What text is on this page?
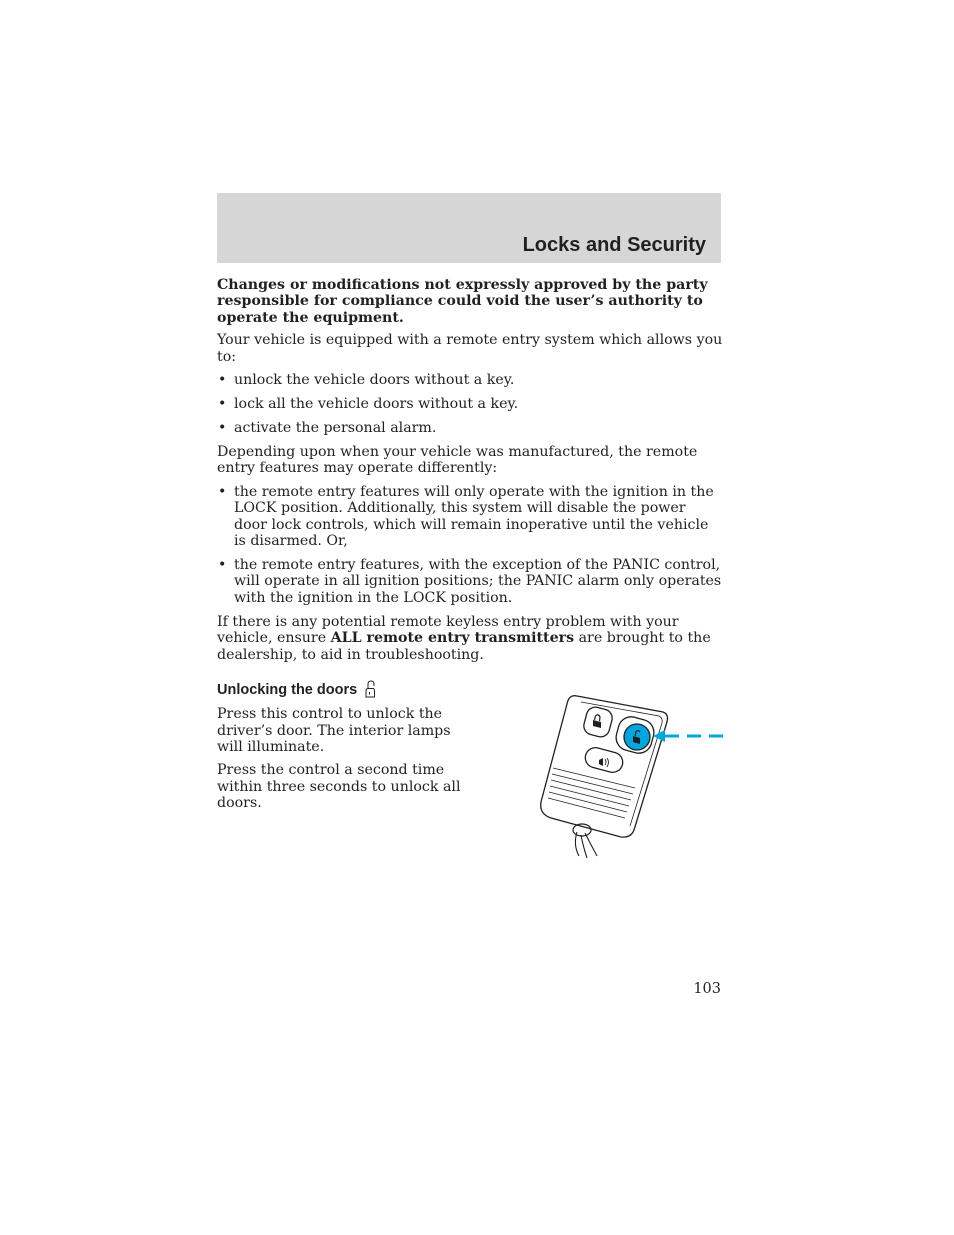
Locks and Security

Changes or modifications not expressly approved by the party responsible for compliance could void the user’s authority to operate the equipment.

Your vehicle is equipped with a remote entry system which allows you to:

• unlock the vehicle doors without a key.
• lock all the vehicle doors without a key.
• activate the personal alarm.

Depending upon when your vehicle was manufactured, the remote entry features may operate differently:

• the remote entry features will only operate with the ignition in the LOCK position. Additionally, this system will disable the power door lock controls, which will remain inoperative until the vehicle is disarmed. Or,
• the remote entry features, with the exception of the PANIC control, will operate in all ignition positions; the PANIC alarm only operates with the ignition in the LOCK position.

If there is any potential remote keyless entry problem with your vehicle, ensure ALL remote entry transmitters are brought to the dealership, to aid in troubleshooting.

Unlocking the doors

Press this control to unlock the driver’s door. The interior lamps will illuminate.

Press the control a second time within three seconds to unlock all doors.

103
